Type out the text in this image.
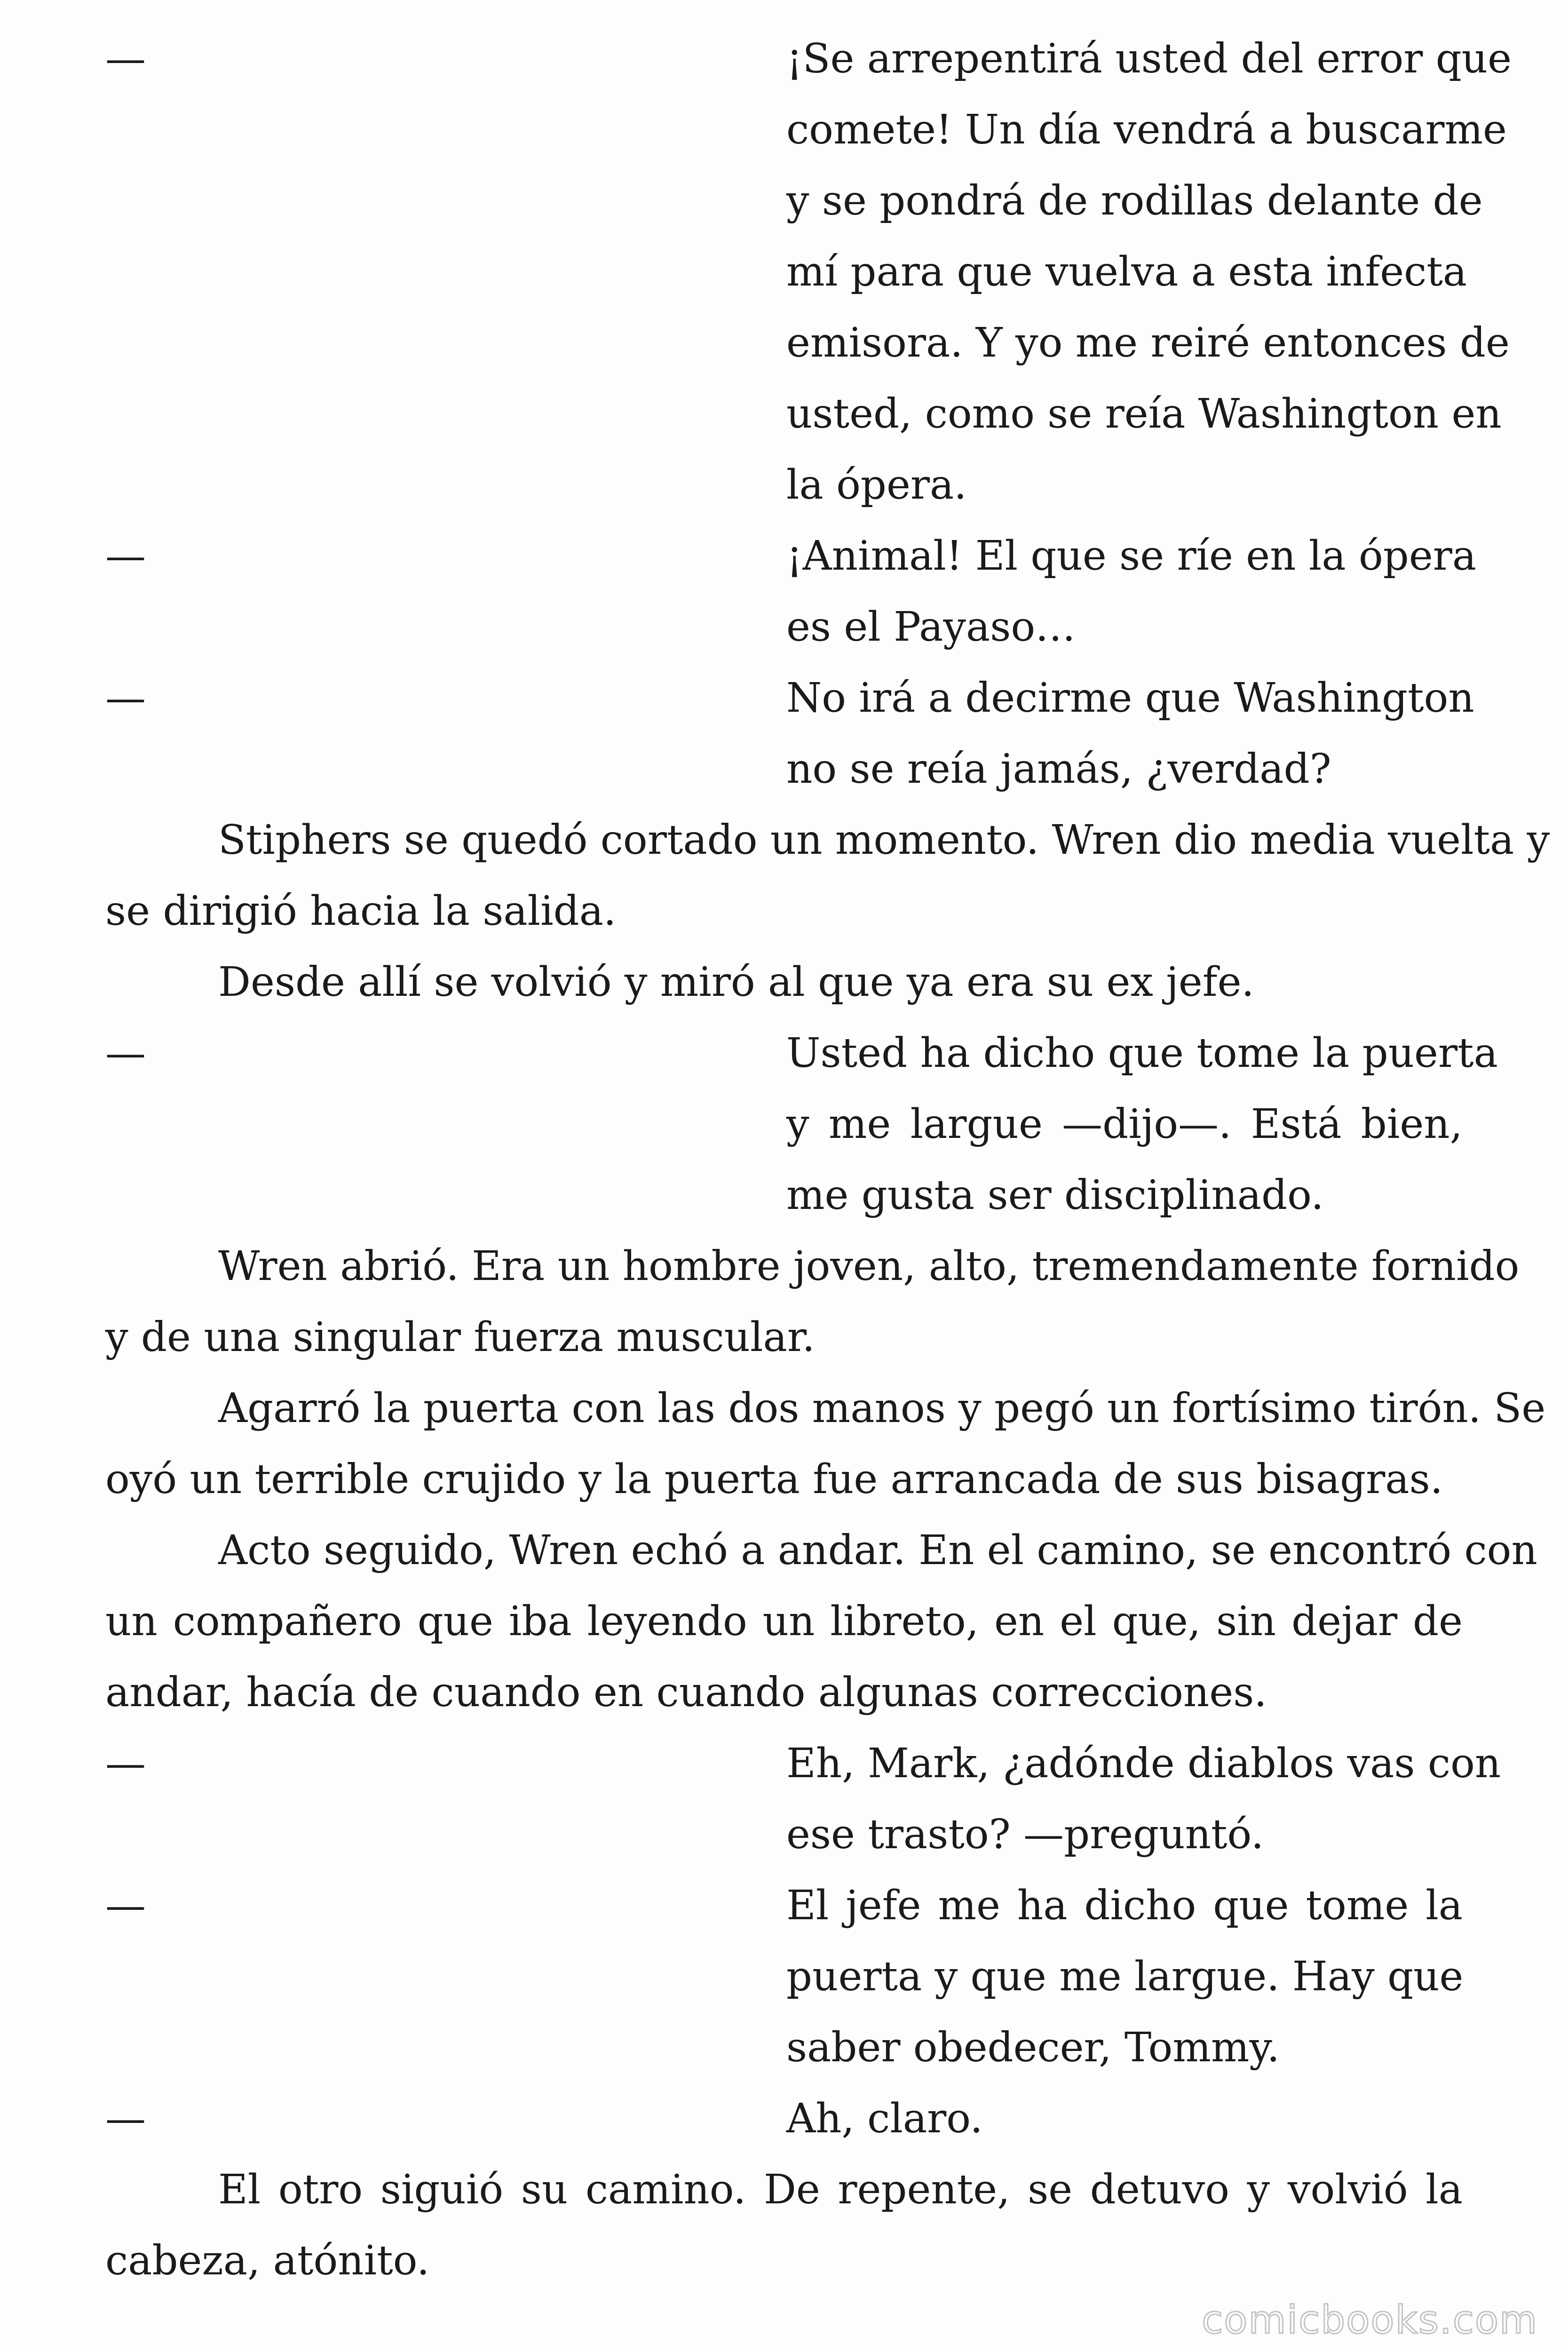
—	¡Se arrepentirá usted del error que
comete! Un día vendrá a buscarme
y se pondrá de rodillas delante de
mí para que vuelva a esta infecta
emisora. Y yo me reiré entonces de
usted, como se reía Washington en
la ópera.
—	¡Animal! El que se ríe en la ópera
es el Payaso…
—	No irá a decirme que Washington
no se reía jamás, ¿verdad?
Stiphers se quedó cortado un momento. Wren dio media vuelta y
se dirigió hacia la salida.
Desde allí se volvió y miró al que ya era su ex jefe.
—	Usted ha dicho que tome la puerta
y me largue —dijo—. Está bien,
me gusta ser disciplinado.
Wren abrió. Era un hombre joven, alto, tremendamente fornido
y de una singular fuerza muscular.
Agarró la puerta con las dos manos y pegó un fortísimo tirón. Se
oyó un terrible crujido y la puerta fue arrancada de sus bisagras.
Acto seguido, Wren echó a andar. En el camino, se encontró con
un compañero que iba leyendo un libreto, en el que, sin dejar de
andar, hacía de cuando en cuando algunas correcciones.
—	Eh, Mark, ¿adónde diablos vas con
ese trasto? —preguntó.
—	El jefe me ha dicho que tome la
puerta y que me largue. Hay que
saber obedecer, Tommy.
—	Ah, claro.
El otro siguió su camino. De repente, se detuvo y volvió la
cabeza, atónito.
comicbooks.com
